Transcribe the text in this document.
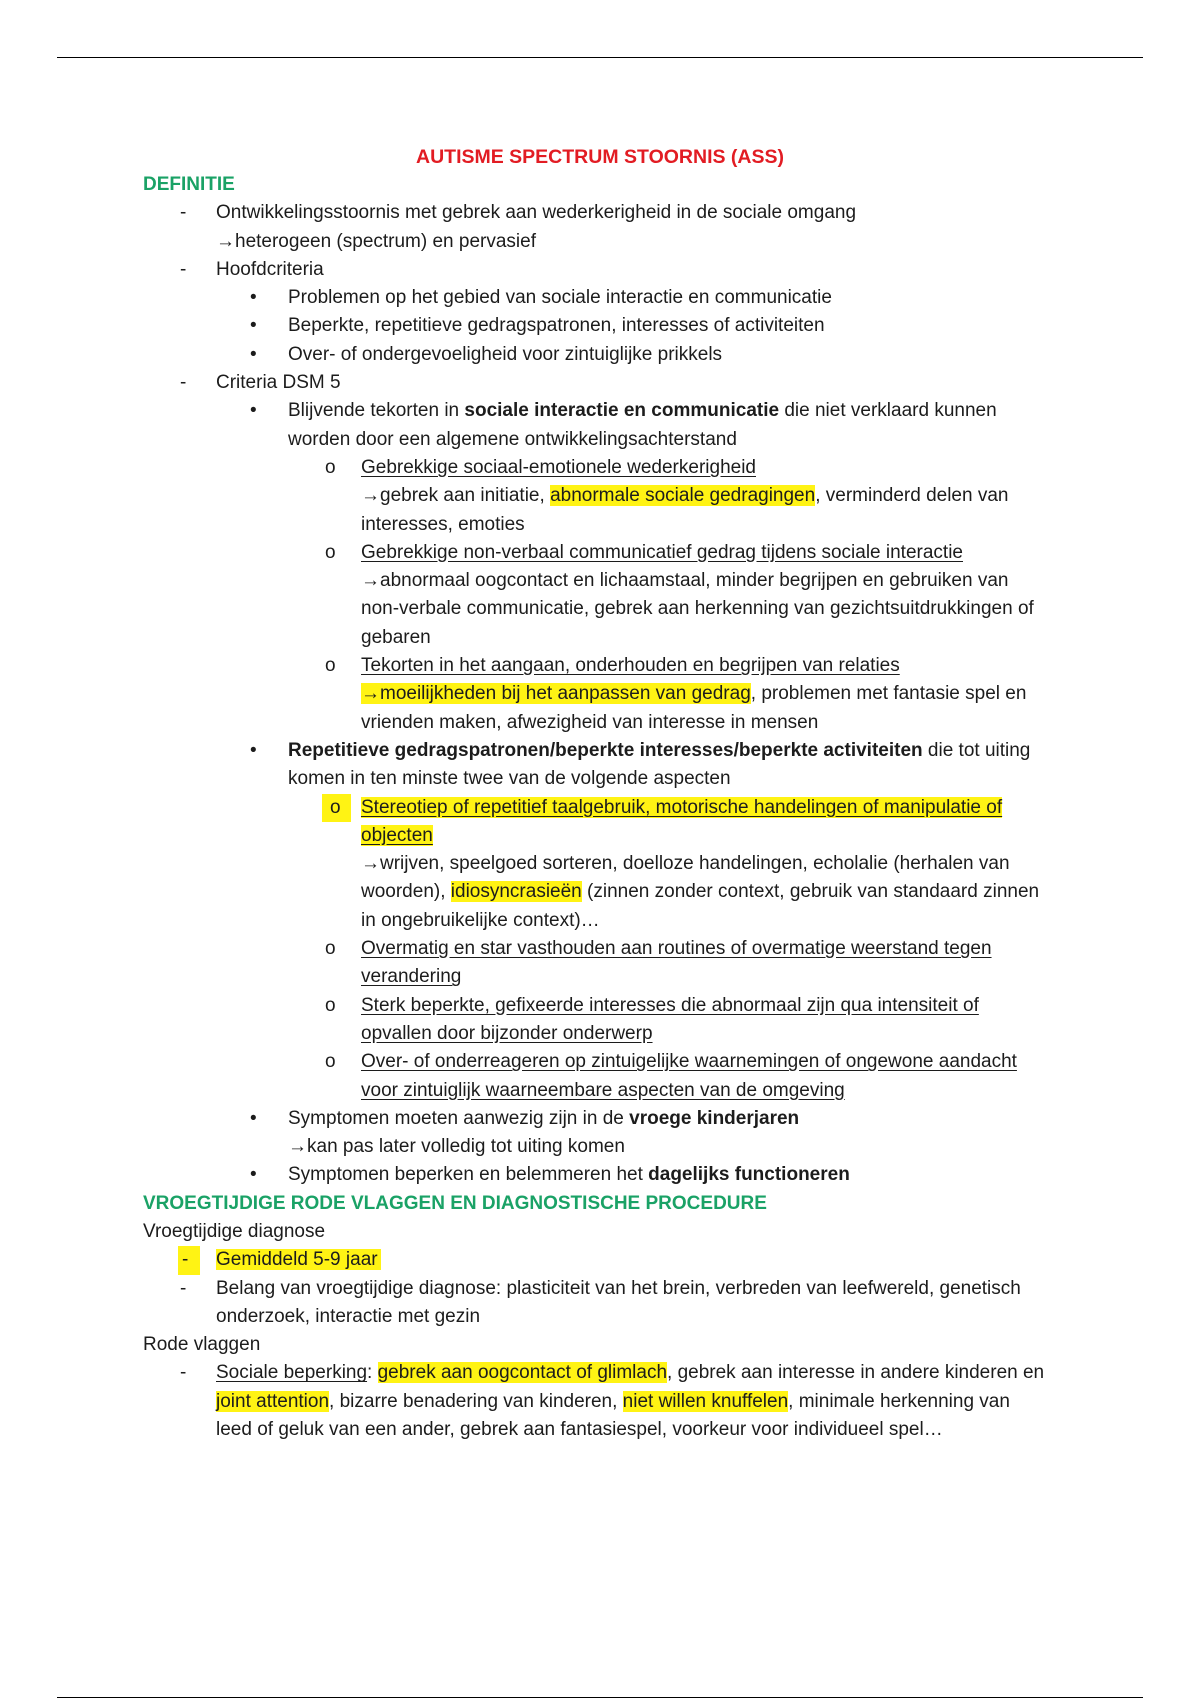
AUTISME SPECTRUM STOORNIS (ASS)
DEFINITIE
- Ontwikkelingsstoornis met gebrek aan wederkerigheid in de sociale omgang
→heterogeen (spectrum) en pervasief
- Hoofdcriteria
• Problemen op het gebied van sociale interactie en communicatie
• Beperkte, repetitieve gedragspatronen, interesses of activiteiten
• Over- of ondergevoeligheid voor zintuiglijke prikkels
- Criteria DSM 5
• Blijvende tekorten in sociale interactie en communicatie die niet verklaard kunnen worden door een algemene ontwikkelingsachterstand
o Gebrekkige sociaal-emotionele wederkerigheid
→gebrek aan initiatie, abnormale sociale gedragingen, verminderd delen van interesses, emoties
o Gebrekkige non-verbaal communicatief gedrag tijdens sociale interactie
→abnormaal oogcontact en lichaamstaal, minder begrijpen en gebruiken van non-verbale communicatie, gebrek aan herkenning van gezichtsuitdrukkingen of gebaren
o Tekorten in het aangaan, onderhouden en begrijpen van relaties
→moeilijkheden bij het aanpassen van gedrag, problemen met fantasie spel en vrienden maken, afwezigheid van interesse in mensen
• Repetitieve gedragspatronen/beperkte interesses/beperkte activiteiten die tot uiting komen in ten minste twee van de volgende aspecten
o	Stereotiep of repetitief taalgebruik, motorische handelingen of manipulatie of objecten
→wrijven, speelgoed sorteren, doelloze handelingen, echolalie (herhalen van woorden), idiosyncrasieën (zinnen zonder context, gebruik van standaard zinnen in ongebruikelijke context)…
o Overmatig en star vasthouden aan routines of overmatige weerstand tegen verandering
o Sterk beperkte, gefixeerde interesses die abnormaal zijn qua intensiteit of opvallen door bijzonder onderwerp
o Over- of onderreageren op zintuigelijke waarnemingen of ongewone aandacht voor zintuiglijk waarneembare aspecten van de omgeving
• Symptomen moeten aanwezig zijn in de vroege kinderjaren
→kan pas later volledig tot uiting komen
• Symptomen beperken en belemmeren het dagelijks functioneren
VROEGTIJDIGE RODE VLAGGEN EN DIAGNOSTISCHE PROCEDURE
Vroegtijdige diagnose
-	Gemiddeld 5-9 jaar
- Belang van vroegtijdige diagnose: plasticiteit van het brein, verbreden van leefwereld, genetisch onderzoek, interactie met gezin
Rode vlaggen
- Sociale beperking: gebrek aan oogcontact of glimlach, gebrek aan interesse in andere kinderen en joint attention, bizarre benadering van kinderen, niet willen knuffelen, minimale herkenning van leed of geluk van een ander, gebrek aan fantasiespel, voorkeur voor individueel spel…
